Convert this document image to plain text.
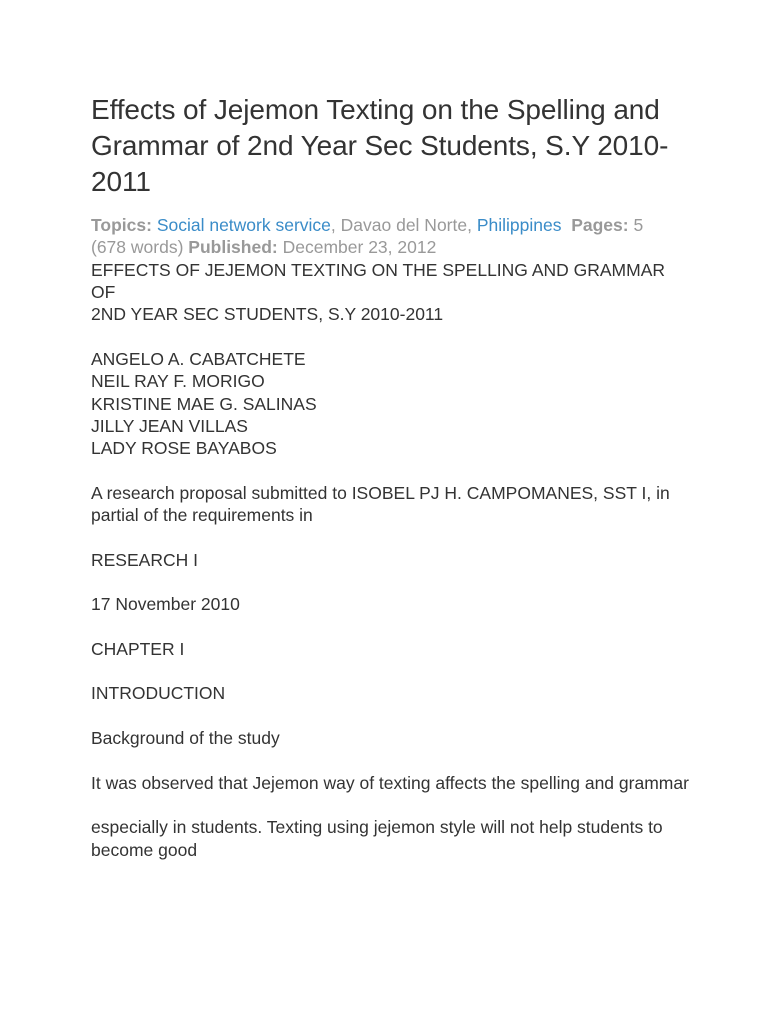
Effects of Jejemon Texting on the Spelling and Grammar of 2nd Year Sec Students, S.Y 2010-2011
Topics: Social network service, Davao del Norte, Philippines Pages: 5 (678 words) Published: December 23, 2012
EFFECTS OF JEJEMON TEXTING ON THE SPELLING AND GRAMMAR OF
2ND YEAR SEC STUDENTS, S.Y 2010-2011
ANGELO A. CABATCHETE
NEIL RAY F. MORIGO
KRISTINE MAE G. SALINAS
JILLY JEAN VILLAS
LADY ROSE BAYABOS
A research proposal submitted to ISOBEL PJ H. CAMPOMANES, SST I, in partial of the requirements in
RESEARCH I
17 November 2010
CHAPTER I
INTRODUCTION
Background of the study
It was observed that Jejemon way of texting affects the spelling and grammar
especially in students. Texting using jejemon style will not help students to become good
